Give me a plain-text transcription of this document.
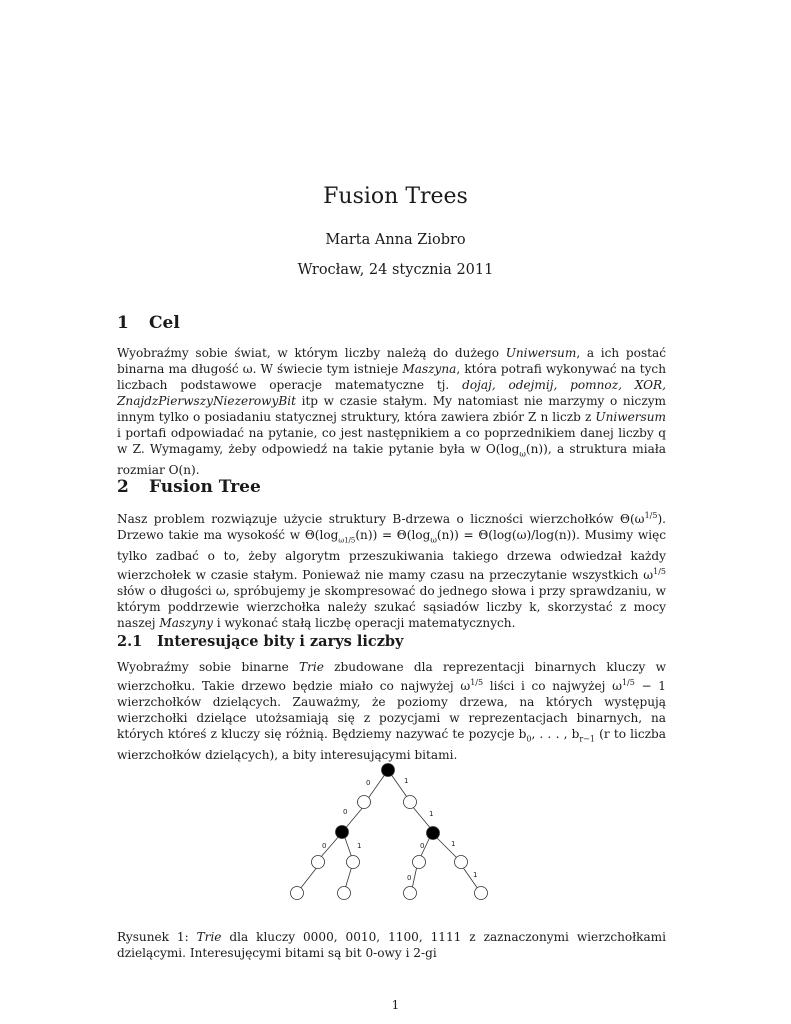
Fusion Trees
Marta Anna Ziobro
Wrocław, 24 stycznia 2011
1 Cel

Wyobraźmy sobie świat, w którym liczby należą do dużego Uniwersum, a ich postać binarna ma długość ω. W świecie tym istnieje Maszyna, która potrafi wykonywać na tych liczbach podstawowe operacje matematyczne tj. dojaj, odejmij, pomnoz, XOR, ZnajdzPierwszyNiezerowyBit itp w czasie stałym. My natomiast nie marzymy o niczym innym tylko o posiadaniu statycznej struktury, która zawiera zbiór Z n liczb z Uniwersum i portafi odpowiadać na pytanie, co jest następnikiem a co poprzednikiem danej liczby q w Z. Wymagamy, żeby odpowiedź na takie pytanie była w $O(\log_\omega(n))$, a struktura miała rozmiar O(n).

2 Fusion Tree

Nasz problem rozwiązuje użycie struktury B-drzewa o liczności wierzchołków $\Theta(\omega^{1/5})$. Drzewo takie ma wysokość w $\Theta(\log_{\omega 1/5}(n)) = \Theta(\log_\omega(n)) = \Theta(\log(\omega)/\log(n))$. Musimy więc tylko zadbać o to, żeby algorytm przeszukiwania takiego drzewa odwiedzał każdy wierzchołek w czasie stałym. Ponieważ nie mamy czasu na przeczytanie wszystkich $\omega^{1/5}$ słów o długości ω, spróbujemy je skompresować do jednego słowa i przy sprawdzaniu, w którym poddrzewie wierzchołka należy szukać sąsiadów liczby k, skorzystać z mocy naszej Maszyny i wykonać stałą liczbę operacji matematycznych.

2.1 Interesujące bity i zarys liczby

Wyobraźmy sobie binarne Trie zbudowane dla reprezentacji binarnych kluczy w wierzchołku. Takie drzewo będzie miało co najwyżej $\omega^{1/5}$ liści i co najwyżej $\omega^{1/5} - 1$ wierzchołków dzielących. Zauważmy, że poziomy drzewa, na których występują wierzchołki dzielące utożsamiają się z pozycjami w reprezentacjach binarnych, na których któreś z kluczy się różnią. Będziemy nazywać te pozycje $b_0$, . . . , $b_{r-1}$ (r to liczba wierzchołków dzielących), a bity interesującymi bitami.

0	1
0	1
0	1	0	1
0	1

Rysunek 1: Trie dla kluczy 0000, 0010, 1100, 1111 z zaznaczonymi wierzchołkami dzielącymi. Interesujęcymi bitami są bit 0-owy i 2-gi

1
